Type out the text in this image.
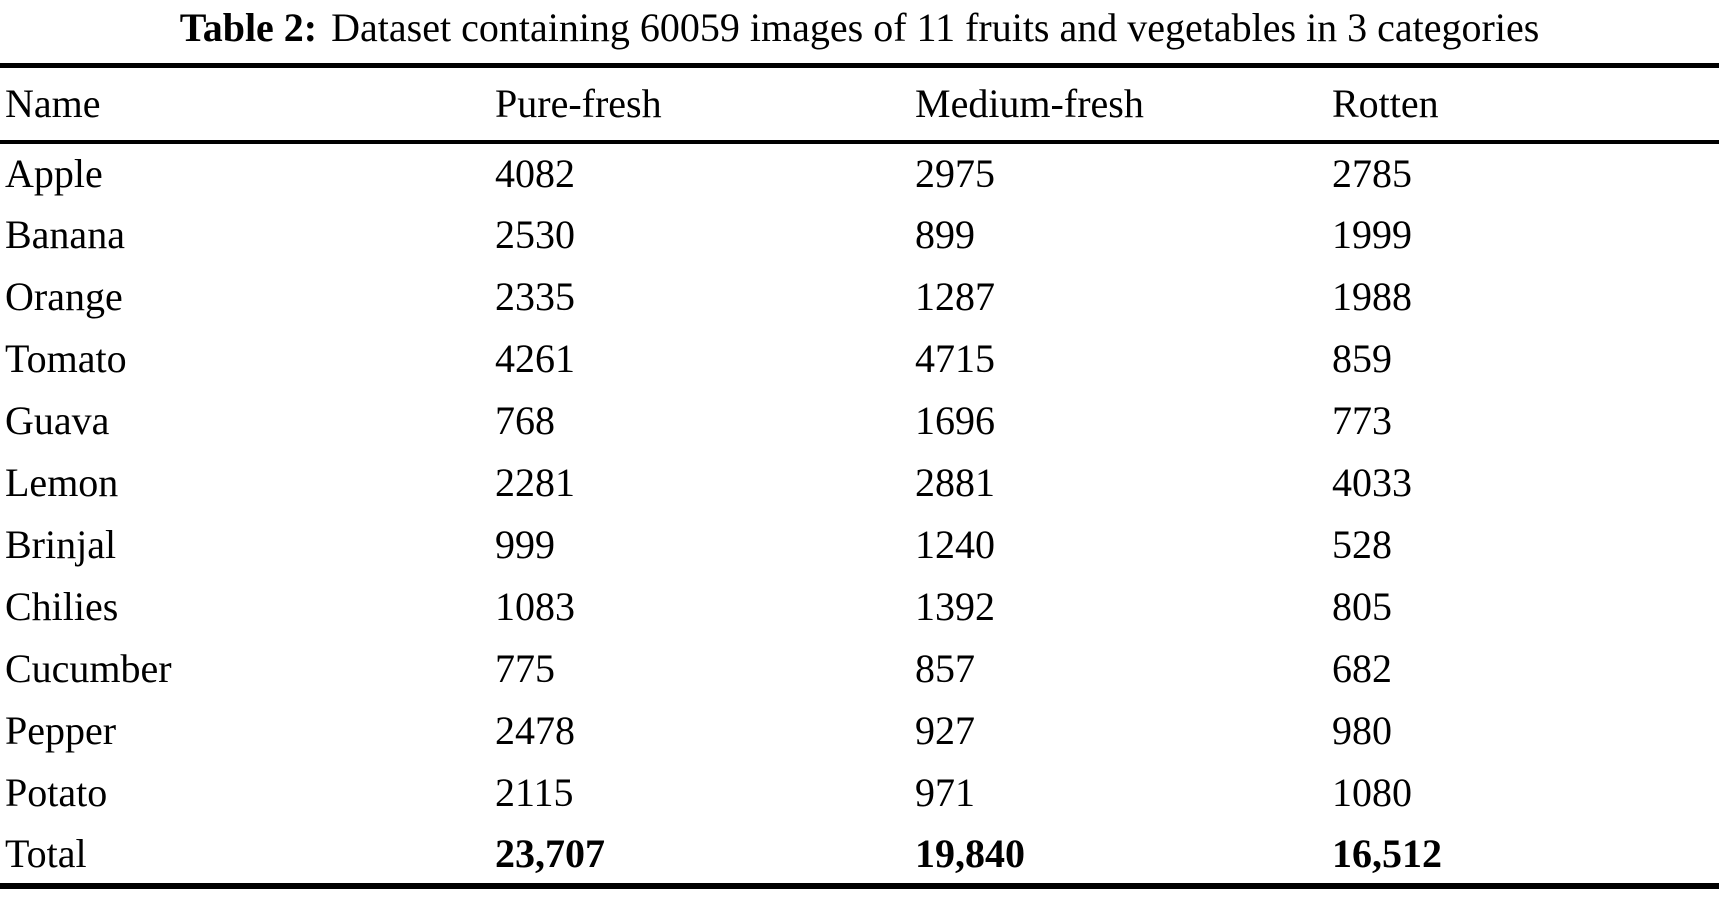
Table 2: Dataset containing 60059 images of 11 fruits and vegetables in 3 categories
Name	Pure-fresh	Medium-fresh	Rotten
Apple	4082	2975	2785
Banana	2530	899	1999
Orange	2335	1287	1988
Tomato	4261	4715	859
Guava	768	1696	773
Lemon	2281	2881	4033
Brinjal	999	1240	528
Chilies	1083	1392	805
Cucumber	775	857	682
Pepper	2478	927	980
Potato	2115	971	1080
Total	23,707	19,840	16,512
